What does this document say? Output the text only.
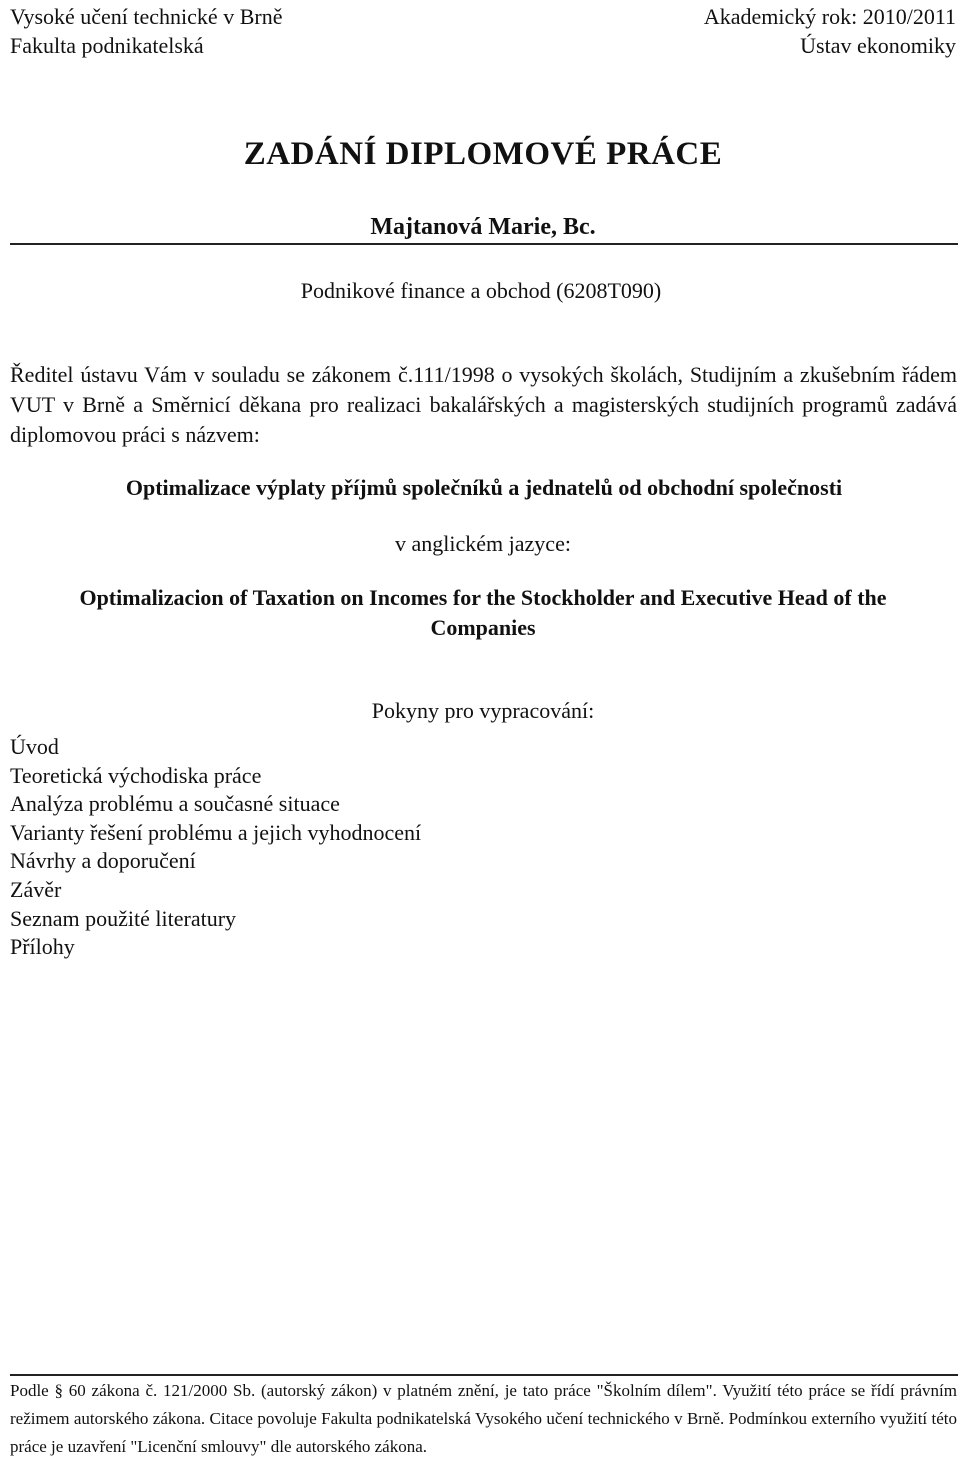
Vysoké učení technické v Brně
Fakulta podnikatelská
Akademický rok: 2010/2011
Ústav ekonomiky
ZADÁNÍ DIPLOMOVÉ PRÁCE
Majtanová Marie, Bc.
Podnikové finance a obchod (6208T090)

Ředitel ústavu Vám v souladu se zákonem č.111/1998 o vysokých školách, Studijním a zkušebním řádem VUT v Brně a Směrnicí děkana pro realizaci bakalářských a magisterských studijních programů zadává diplomovou práci s názvem:

Optimalizace výplaty příjmů společníků a jednatelů od obchodní společnosti
v anglickém jazyce:
Optimalizacion of Taxation on Incomes for the Stockholder and Executive Head of the Companies
Pokyny pro vypracování:
Úvod
Teoretická východiska práce
Analýza problému a současné situace
Varianty řešení problému a jejich vyhodnocení
Návrhy a doporučení
Závěr
Seznam použité literatury
Přílohy

Podle § 60 zákona č. 121/2000 Sb. (autorský zákon) v platném znění, je tato práce "Školním dílem". Využití této práce se řídí právním režimem autorského zákona. Citace povoluje Fakulta podnikatelská Vysokého učení technického v Brně. Podmínkou externího využití této práce je uzavření "Licenční smlouvy" dle autorského zákona.
